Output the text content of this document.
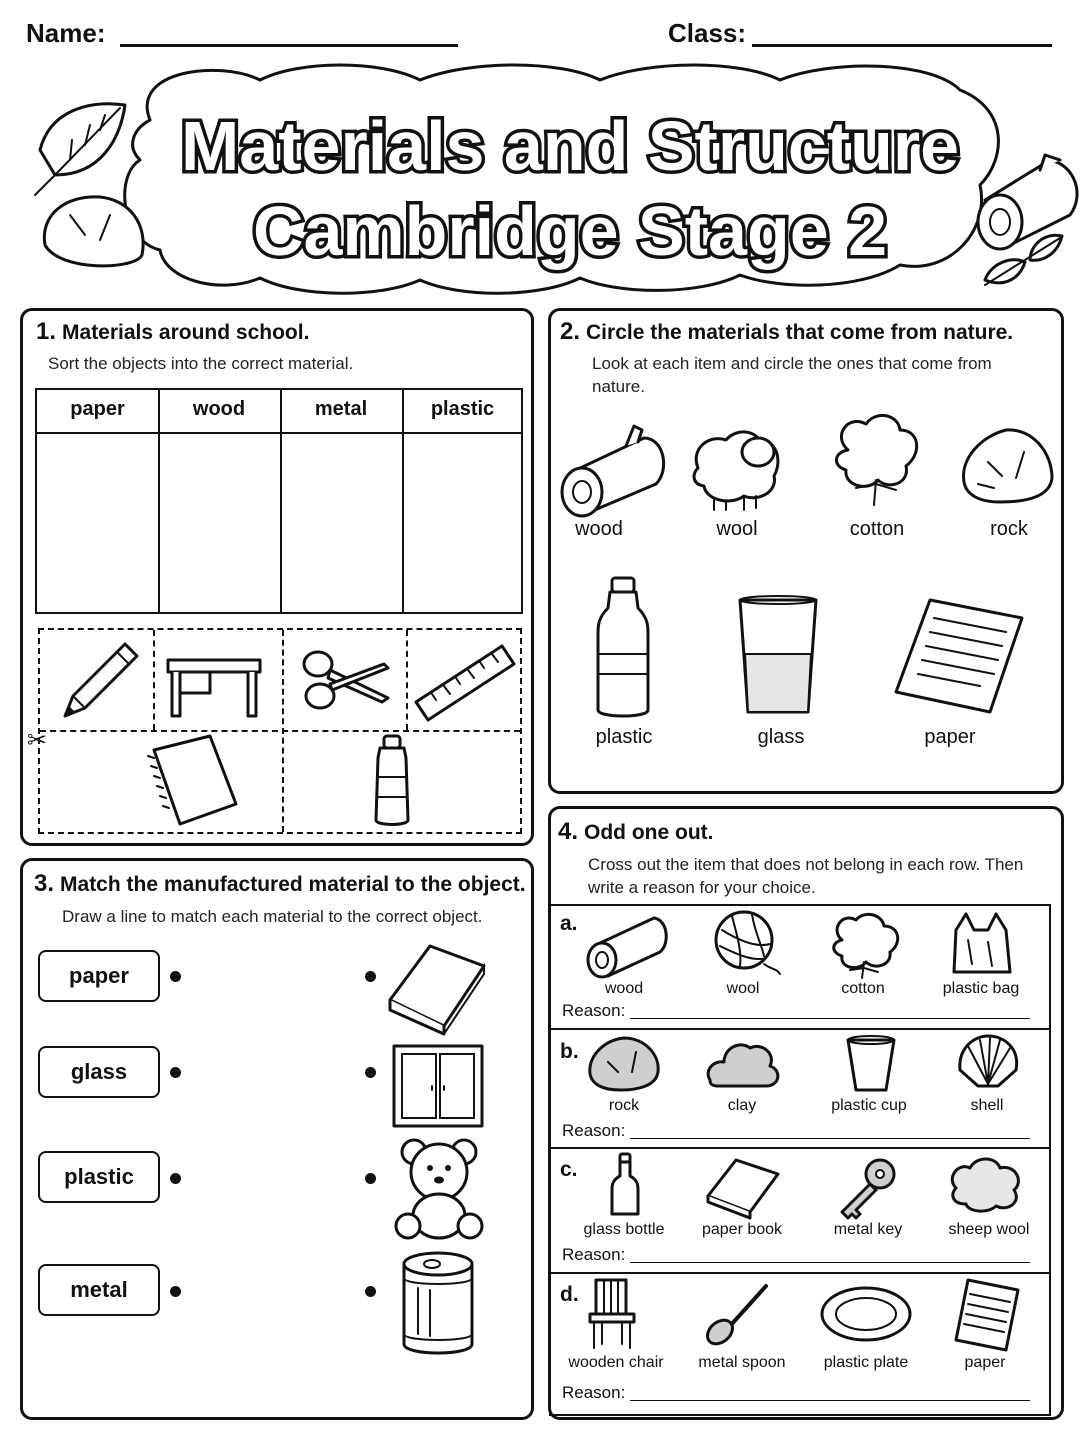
Name:	Class:
Materials and Structure
Cambridge Stage 2
1. Materials around school.
Sort the objects into the correct material.
paper	wood	metal	plastic
✂
2. Circle the materials that come from nature.
Look at each item and circle the ones that come from nature.
wood	wool	cotton	rock
plastic	glass	paper
3. Match the manufactured material to the object.
Draw a line to match each material to the correct object.
paper
glass
plastic
metal
4. Odd one out.
Cross out the item that does not belong in each row. Then write a reason for your choice.
a.
wood	wool	cotton	plastic bag
Reason:
b.
rock	clay	plastic cup	shell
Reason:
c.
glass bottle	paper book	metal key	sheep wool
Reason:
d.
wooden chair	metal spoon	plastic plate	paper
Reason:
